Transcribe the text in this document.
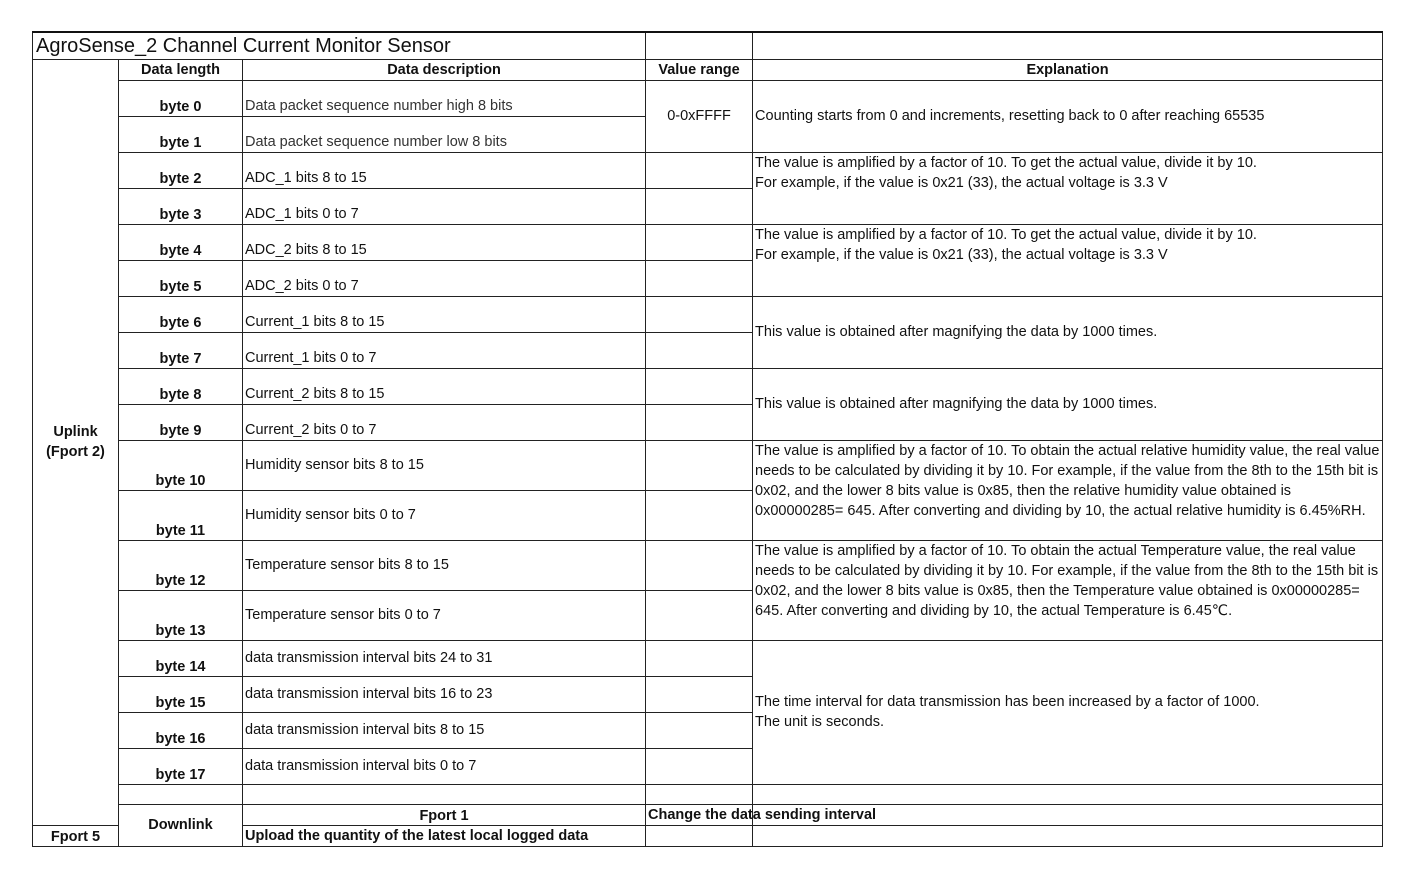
AgroSense_2 Channel Current Monitor Sensor					

Uplink
(Fport 2)	Data length	Data description	Value range	Explanation	
	byte 0	Data packet sequence number high 8 bits	0-0xFFFF	Counting starts from 0 and increments, resetting back to 0 after reaching 65535	
	byte 1	Data packet sequence number low 8 bits			
	byte 2	ADC_1 bits 8 to 15		The value is amplified by a factor of 10. To get the actual value, divide it by 10.
For example, if the value is 0x21 (33), the actual voltage is 3.3 V	

	byte 3	ADC_1 bits 0 to 7			
	byte 4	ADC_2 bits 8 to 15		The value is amplified by a factor of 10. To get the actual value, divide it by 10.
For example, if the value is 0x21 (33), the actual voltage is 3.3 V	

	byte 5	ADC_2 bits 0 to 7			
	byte 6	Current_1 bits 8 to 15		This value is obtained after magnifying the data by 1000 times.	
	byte 7	Current_1 bits 0 to 7			
	byte 8	Current_2 bits 8 to 15		This value is obtained after magnifying the data by 1000 times.	
	byte 9	Current_2 bits 0 to 7			
	byte 10	Humidity sensor bits 8 to 15		The value is amplified by a factor of 10. To obtain the actual relative humidity value, the real value needs to be calculated by dividing it by 10. For example, if the value from the 8th to the 15th bit is 0x02, and the lower 8 bits value is 0x85, then the relative humidity value obtained is 0x00000285= 645. After converting and dividing by 10, the actual relative humidity is 6.45%RH.	
	byte 11	Humidity sensor bits 0 to 7			
	byte 12	Temperature sensor bits 8 to 15		The value is amplified by a factor of 10. To obtain the actual Temperature value, the real value needs to be calculated by dividing it by 10. For example, if the value from the 8th to the 15th bit is 0x02, and the lower 8 bits value is 0x85, then the Temperature value obtained is 0x00000285= 645. After converting and dividing by 10, the actual Temperature is 6.45℃.	
	byte 13	Temperature sensor bits 0 to 7			
	byte 14	data transmission interval bits 24 to 31		The time interval for data transmission has been increased by a factor of 1000.
The unit is seconds.	

	byte 15	data transmission interval bits 16 to 23			
	byte 16	data transmission interval bits 8 to 15			
	byte 17	data transmission interval bits 0 to 7			

	Downlink	Fport 1	Change the data sending interval		
Fport 5		Upload the quantity of the latest local logged data			
